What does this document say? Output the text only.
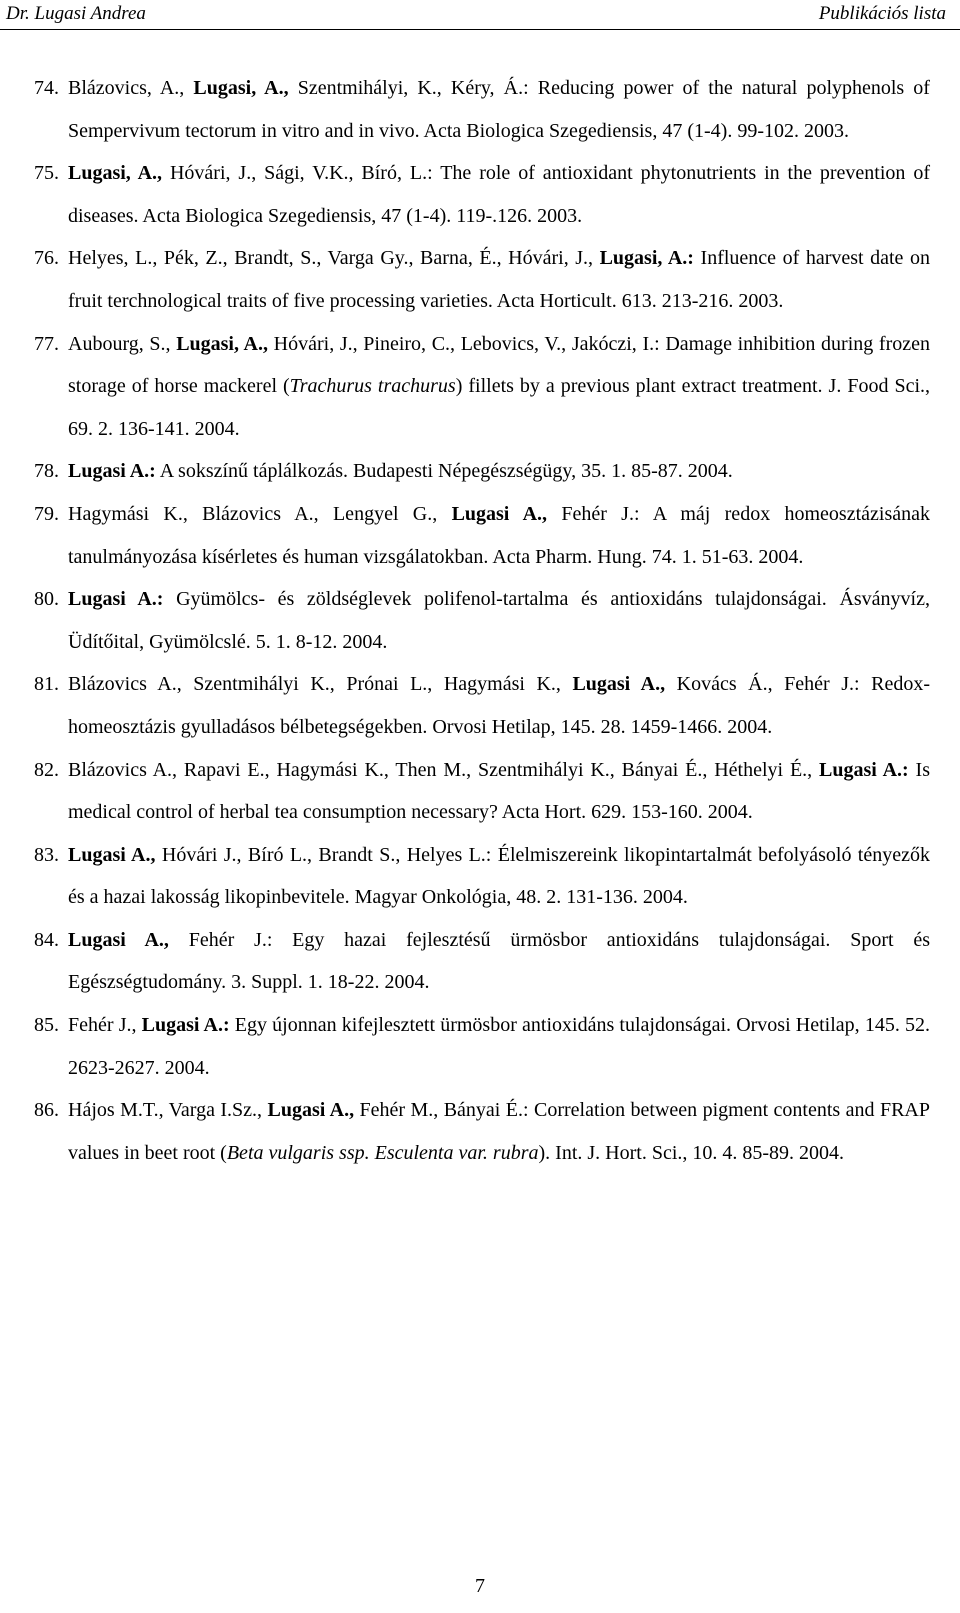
Dr. Lugasi Andrea	Publikációs lista
74. Blázovics, A., Lugasi, A., Szentmihályi, K., Kéry, Á.: Reducing power of the natural polyphenols of Sempervivum tectorum in vitro and in vivo. Acta Biologica Szegediensis, 47 (1-4). 99-102. 2003.
75. Lugasi, A., Hóvári, J., Sági, V.K., Bíró, L.: The role of antioxidant phytonutrients in the prevention of diseases. Acta Biologica Szegediensis, 47 (1-4). 119-.126. 2003.
76. Helyes, L., Pék, Z., Brandt, S., Varga Gy., Barna, É., Hóvári, J., Lugasi, A.: Influence of harvest date on fruit terchnological traits of five processing varieties. Acta Horticult. 613. 213-216. 2003.
77. Aubourg, S., Lugasi, A., Hóvári, J., Pineiro, C., Lebovics, V., Jakóczi, I.: Damage inhibition during frozen storage of horse mackerel (Trachurus trachurus) fillets by a previous plant extract treatment. J. Food Sci., 69. 2. 136-141. 2004.
78. Lugasi A.: A sokszínű táplálkozás. Budapesti Népegészségügy, 35. 1. 85-87. 2004.
79. Hagymási K., Blázovics A., Lengyel G., Lugasi A., Fehér J.: A máj redox homeosztázisának tanulmányozása kísérletes és human vizsgálatokban. Acta Pharm. Hung. 74. 1. 51-63. 2004.
80. Lugasi A.: Gyümölcs- és zöldséglevek polifenol-tartalma és antioxidáns tulajdonságai. Ásványvíz, Üdítőital, Gyümölcslé. 5. 1. 8-12. 2004.
81. Blázovics A., Szentmihályi K., Prónai L., Hagymási K., Lugasi A., Kovács Á., Fehér J.: Redox-homeosztázis gyulladásos bélbetegségekben. Orvosi Hetilap, 145. 28. 1459-1466. 2004.
82. Blázovics A., Rapavi E., Hagymási K., Then M., Szentmihályi K., Bányai É., Héthelyi É., Lugasi A.: Is medical control of herbal tea consumption necessary? Acta Hort. 629. 153-160. 2004.
83. Lugasi A., Hóvári J., Bíró L., Brandt S., Helyes L.: Élelmiszereink likopintartalmát befolyásoló tényezők és a hazai lakosság likopinbevitele. Magyar Onkológia, 48. 2. 131-136. 2004.
84. Lugasi A., Fehér J.: Egy hazai fejlesztésű ürmösbor antioxidáns tulajdonságai. Sport és Egészségtudomány. 3. Suppl. 1. 18-22. 2004.
85. Fehér J., Lugasi A.: Egy újonnan kifejlesztett ürmösbor antioxidáns tulajdonságai. Orvosi Hetilap, 145. 52. 2623-2627. 2004.
86. Hájos M.T., Varga I.Sz., Lugasi A., Fehér M., Bányai É.: Correlation between pigment contents and FRAP values in beet root (Beta vulgaris ssp. Esculenta var. rubra). Int. J. Hort. Sci., 10. 4. 85-89. 2004.
7
